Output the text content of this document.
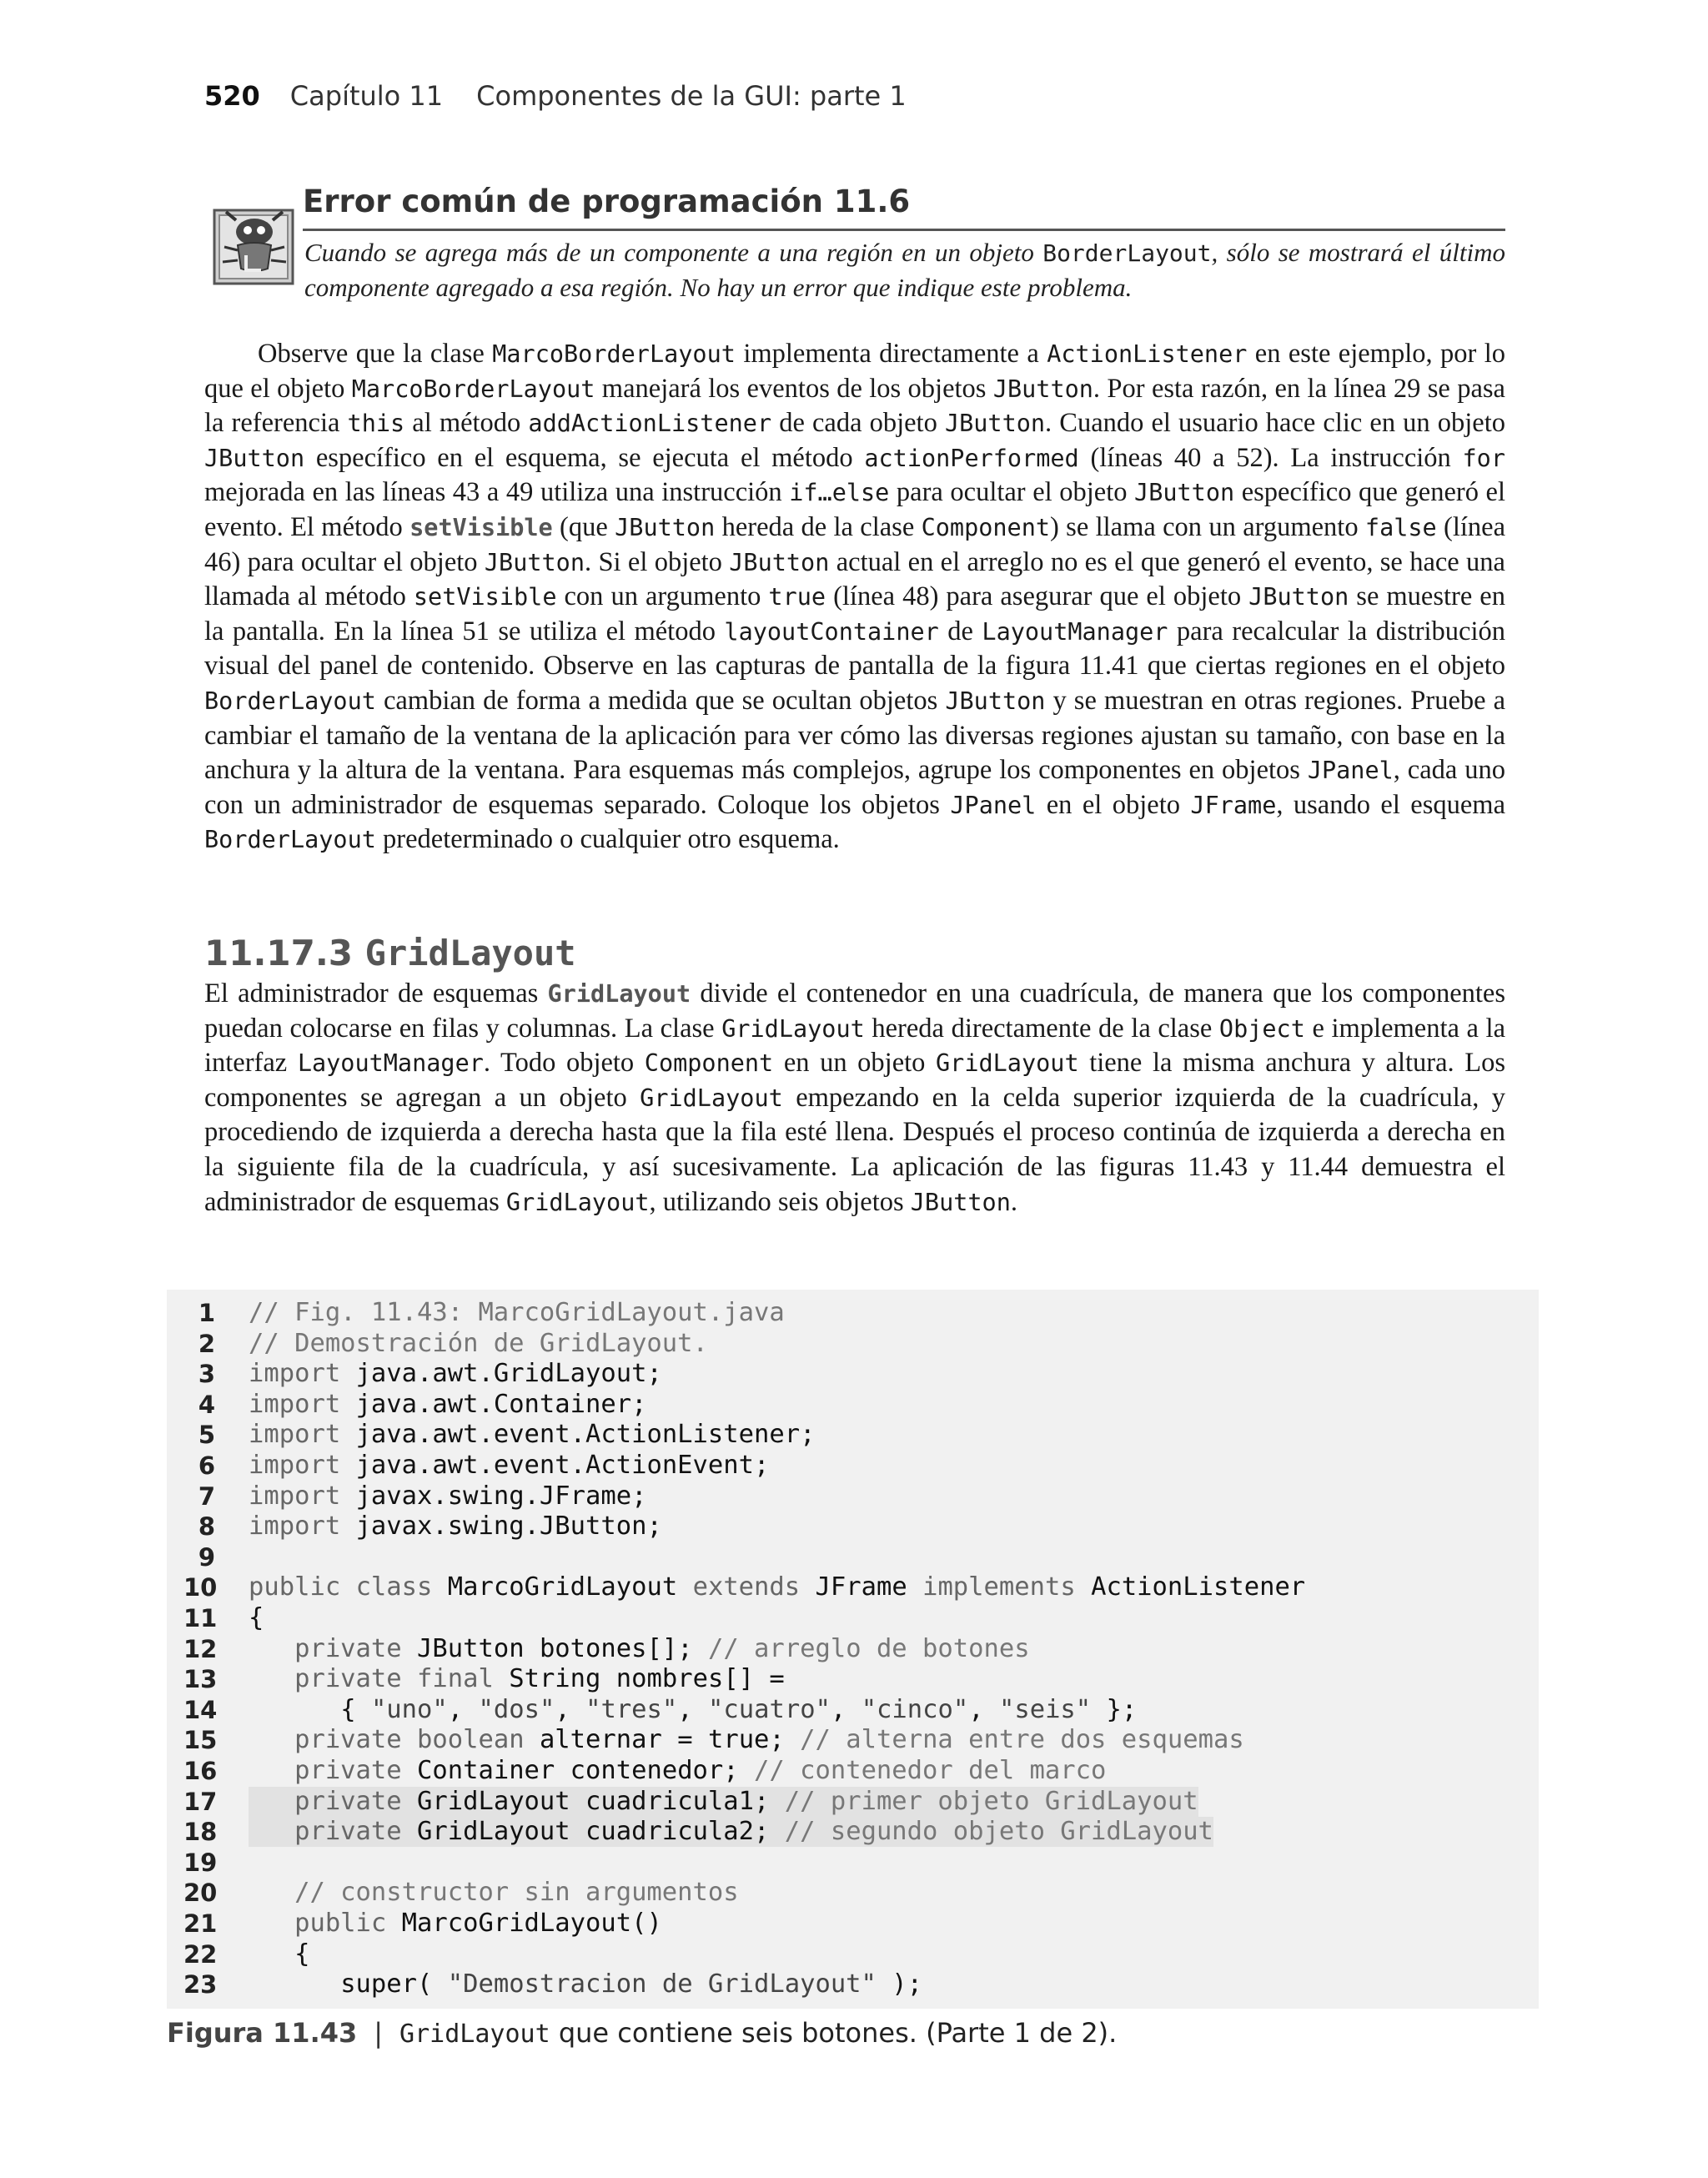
520 Capítulo 11 Componentes de la GUI: parte 1
Error común de programación 11.6
Cuando se agrega más de un componente a una región en un objeto BorderLayout, sólo se mostrará el último componente agregado a esa región. No hay un error que indique este problema.
Observe que la clase MarcoBorderLayout implementa directamente a ActionListener en este ejemplo, por lo que el objeto MarcoBorderLayout manejará los eventos de los objetos JButton. Por esta razón, en la línea 29 se pasa la referencia this al método addActionListener de cada objeto JButton. Cuando el usuario hace clic en un objeto JButton específico en el esquema, se ejecuta el método actionPerformed (líneas 40 a 52). La instrucción for mejorada en las líneas 43 a 49 utiliza una instrucción if…else para ocultar el objeto JButton específico que generó el evento. El método setVisible (que JButton hereda de la clase Component) se llama con un argumento false (línea 46) para ocultar el objeto JButton. Si el objeto JButton actual en el arreglo no es el que generó el evento, se hace una llamada al método setVisible con un argumento true (línea 48) para asegurar que el objeto JButton se muestre en la pantalla. En la línea 51 se utiliza el método layoutContainer de LayoutManager para recalcular la distribución visual del panel de contenido. Observe en las capturas de pantalla de la figura 11.41 que ciertas regiones en el objeto BorderLayout cambian de forma a medida que se ocultan objetos JButton y se muestran en otras regiones. Pruebe a cambiar el tamaño de la ventana de la aplicación para ver cómo las diversas regiones ajustan su tamaño, con base en la anchura y la altura de la ventana. Para esquemas más complejos, agrupe los componentes en objetos JPanel, cada uno con un administrador de esquemas separado. Coloque los objetos JPanel en el objeto JFrame, usando el esquema BorderLayout predeterminado o cualquier otro esquema.
11.17.3 GridLayout
El administrador de esquemas GridLayout divide el contenedor en una cuadrícula, de manera que los componentes puedan colocarse en filas y columnas. La clase GridLayout hereda directamente de la clase Object e implementa a la interfaz LayoutManager. Todo objeto Component en un objeto GridLayout tiene la misma anchura y altura. Los componentes se agregan a un objeto GridLayout empezando en la celda superior izquierda de la cuadrícula, y procediendo de izquierda a derecha hasta que la fila esté llena. Después el proceso continúa de izquierda a derecha en la siguiente fila de la cuadrícula, y así sucesivamente. La aplicación de las figuras 11.43 y 11.44 demuestra el administrador de esquemas GridLayout, utilizando seis objetos JButton.
1 // Fig. 11.43: MarcoGridLayout.java
2 // Demostración de GridLayout.
3 import java.awt.GridLayout;
4 import java.awt.Container;
5 import java.awt.event.ActionListener;
6 import java.awt.event.ActionEvent;
7 import javax.swing.JFrame;
8 import javax.swing.JButton;
9
10 public class MarcoGridLayout extends JFrame implements ActionListener
11 {
12	private JButton botones[]; // arreglo de botones
13	private final String nombres[] =
14	{ "uno", "dos", "tres", "cuatro", "cinco", "seis" };
15	private boolean alternar = true; // alterna entre dos esquemas
16	private Container contenedor; // contenedor del marco
17	private GridLayout cuadricula1; // primer objeto GridLayout
18	private GridLayout cuadricula2; // segundo objeto GridLayout
19
20	// constructor sin argumentos
21	public MarcoGridLayout()
22	{
23	super( "Demostracion de GridLayout" );
Figura 11.43 | GridLayout que contiene seis botones. (Parte 1 de 2).
